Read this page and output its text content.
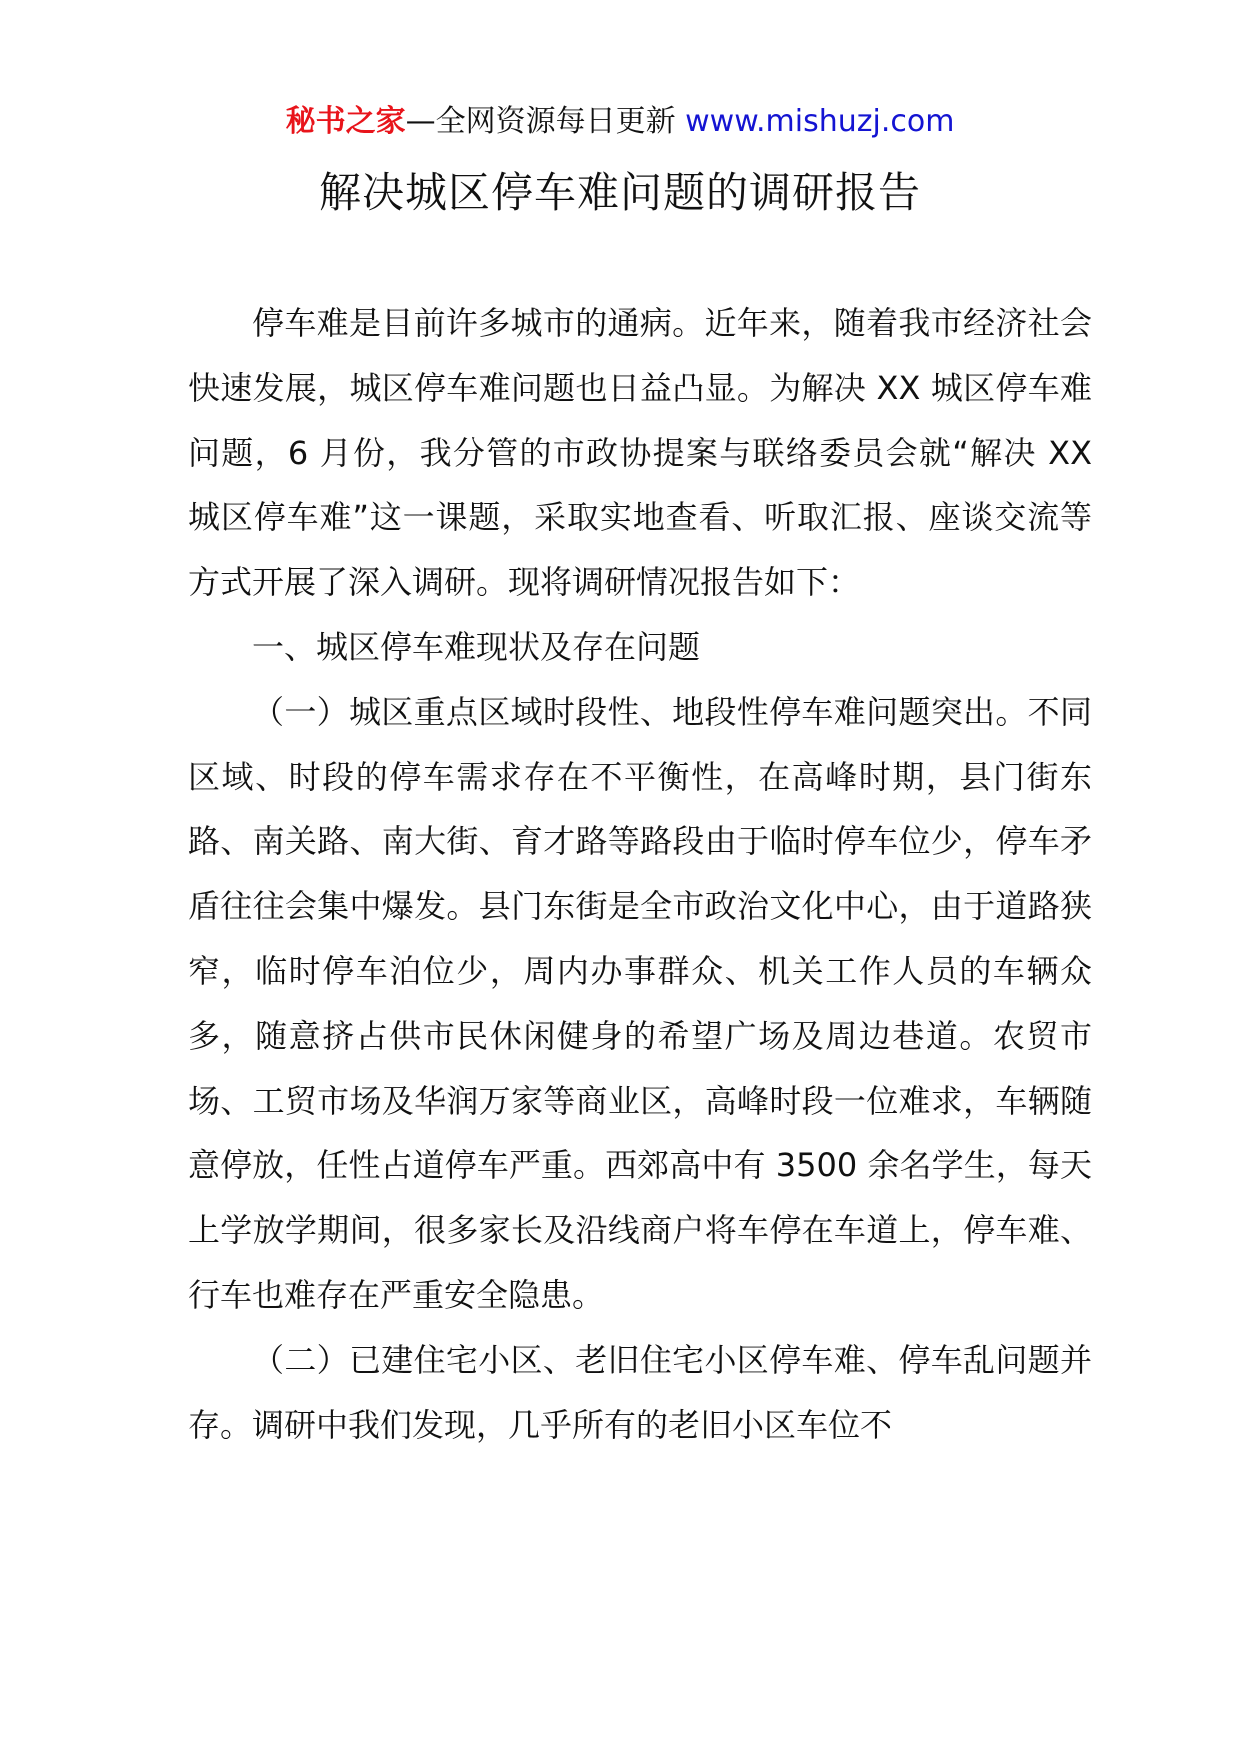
秘书之家—全网资源每日更新 www.mishuzj.com
解决城区停车难问题的调研报告

停车难是目前许多城市的通病。近年来，随着我市经济社会快速发展，城区停车难问题也日益凸显。为解决 XX 城区停车难问题，6 月份，我分管的市政协提案与联络委员会就“解决 XX 城区停车难”这一课题，采取实地查看、听取汇报、座谈交流等方式开展了深入调研。现将调研情况报告如下：

一、城区停车难现状及存在问题

（一）城区重点区域时段性、地段性停车难问题突出。不同区域、时段的停车需求存在不平衡性，在高峰时期，县门街东路、南关路、南大街、育才路等路段由于临时停车位少，停车矛盾往往会集中爆发。县门东街是全市政治文化中心，由于道路狭窄，临时停车泊位少，周内办事群众、机关工作人员的车辆众多，随意挤占供市民休闲健身的希望广场及周边巷道。农贸市场、工贸市场及华润万家等商业区，高峰时段一位难求，车辆随意停放，任性占道停车严重。西郊高中有 3500 余名学生，每天上学放学期间，很多家长及沿线商户将车停在车道上，停车难、行车也难存在严重安全隐患。

（二）已建住宅小区、老旧住宅小区停车难、停车乱问题并存。调研中我们发现，几乎所有的老旧小区车位不
